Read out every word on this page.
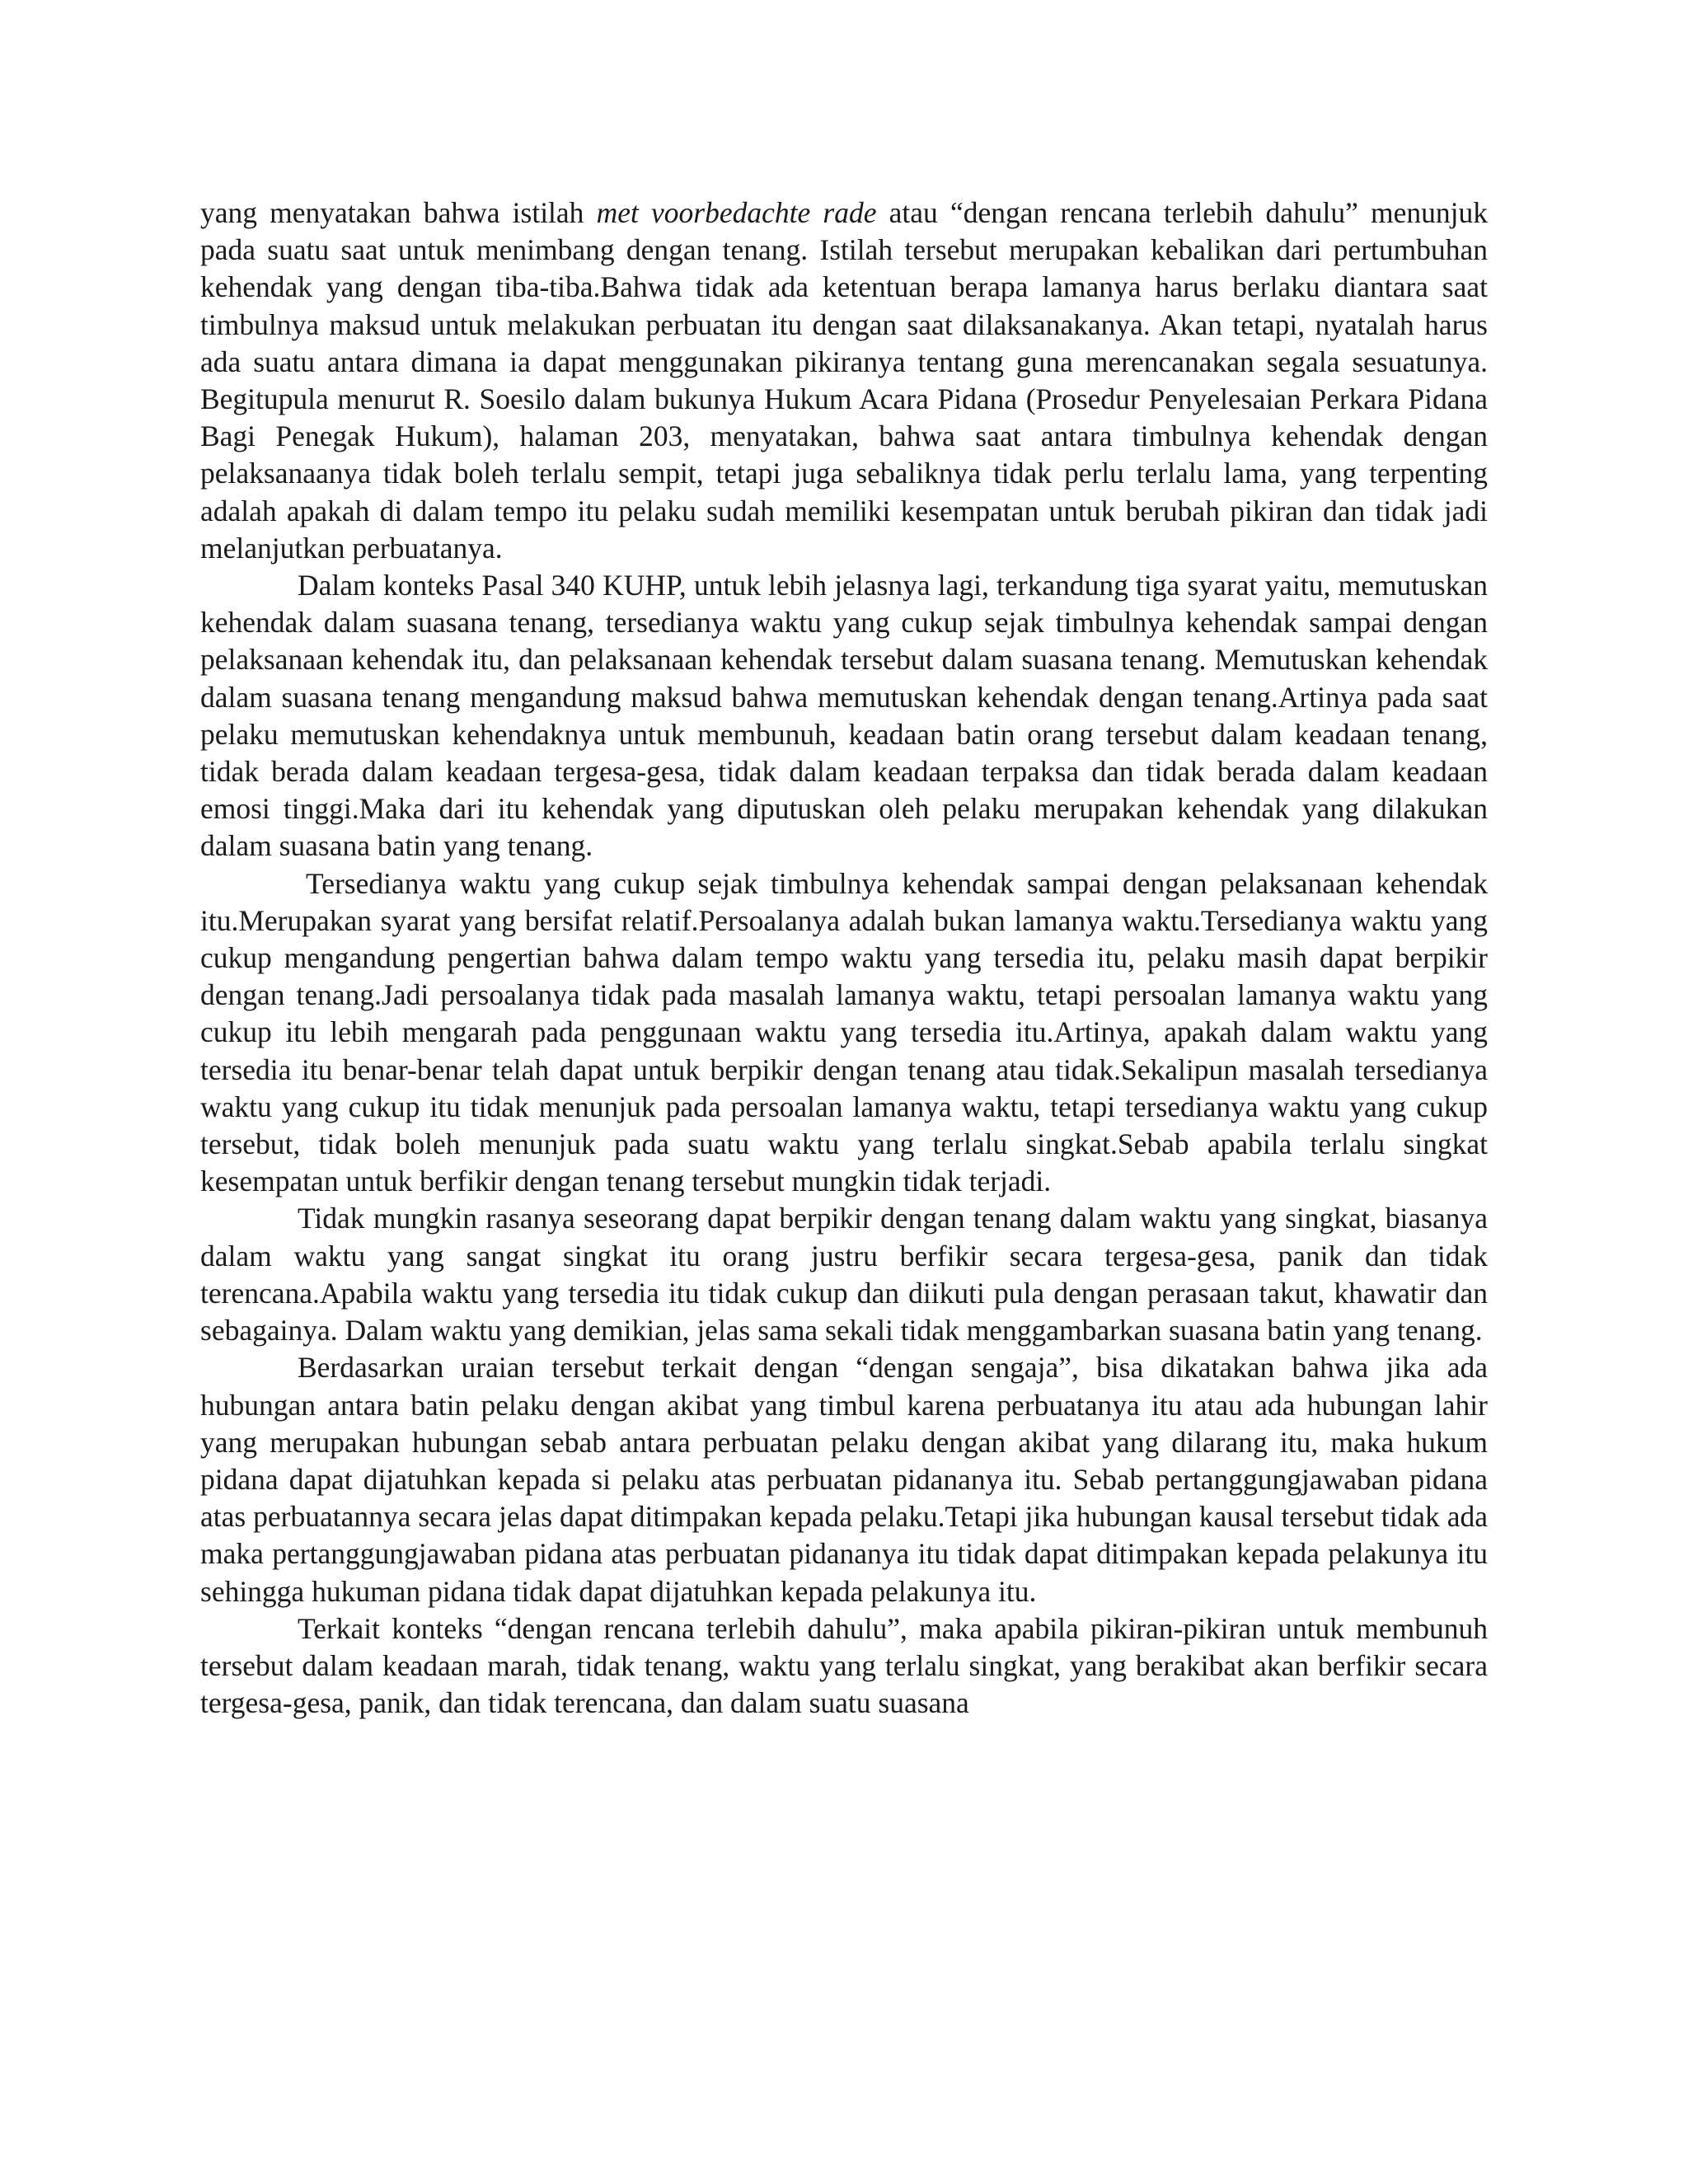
yang menyatakan bahwa istilah met voorbedachte rade atau “dengan rencana terlebih dahulu” menunjuk pada suatu saat untuk menimbang dengan tenang. Istilah tersebut merupakan kebalikan dari pertumbuhan kehendak yang dengan tiba-tiba.Bahwa tidak ada ketentuan berapa lamanya harus berlaku diantara saat timbulnya maksud untuk melakukan perbuatan itu dengan saat dilaksanakanya. Akan tetapi, nyatalah harus ada suatu antara dimana ia dapat menggunakan pikiranya tentang guna merencanakan segala sesuatunya. Begitupula menurut R. Soesilo dalam bukunya Hukum Acara Pidana (Prosedur Penyelesaian Perkara Pidana Bagi Penegak Hukum), halaman 203, menyatakan, bahwa saat antara timbulnya kehendak dengan pelaksanaanya tidak boleh terlalu sempit, tetapi juga sebaliknya tidak perlu terlalu lama, yang terpenting adalah apakah di dalam tempo itu pelaku sudah memiliki kesempatan untuk berubah pikiran dan tidak jadi melanjutkan perbuatanya.

Dalam konteks Pasal 340 KUHP, untuk lebih jelasnya lagi, terkandung tiga syarat yaitu, memutuskan kehendak dalam suasana tenang, tersedianya waktu yang cukup sejak timbulnya kehendak sampai dengan pelaksanaan kehendak itu, dan pelaksanaan kehendak tersebut dalam suasana tenang. Memutuskan kehendak dalam suasana tenang mengandung maksud bahwa memutuskan kehendak dengan tenang.Artinya pada saat pelaku memutuskan kehendaknya untuk membunuh, keadaan batin orang tersebut dalam keadaan tenang, tidak berada dalam keadaan tergesa-gesa, tidak dalam keadaan terpaksa dan tidak berada dalam keadaan emosi tinggi.Maka dari itu kehendak yang diputuskan oleh pelaku merupakan kehendak yang dilakukan dalam suasana batin yang tenang.

Tersedianya waktu yang cukup sejak timbulnya kehendak sampai dengan pelaksanaan kehendak itu.Merupakan syarat yang bersifat relatif.Persoalanya adalah bukan lamanya waktu.Tersedianya waktu yang cukup mengandung pengertian bahwa dalam tempo waktu yang tersedia itu, pelaku masih dapat berpikir dengan tenang.Jadi persoalanya tidak pada masalah lamanya waktu, tetapi persoalan lamanya waktu yang cukup itu lebih mengarah pada penggunaan waktu yang tersedia itu.Artinya, apakah dalam waktu yang tersedia itu benar-benar telah dapat untuk berpikir dengan tenang atau tidak.Sekalipun masalah tersedianya waktu yang cukup itu tidak menunjuk pada persoalan lamanya waktu, tetapi tersedianya waktu yang cukup tersebut, tidak boleh menunjuk pada suatu waktu yang terlalu singkat.Sebab apabila terlalu singkat kesempatan untuk berfikir dengan tenang tersebut mungkin tidak terjadi.

Tidak mungkin rasanya seseorang dapat berpikir dengan tenang dalam waktu yang singkat, biasanya dalam waktu yang sangat singkat itu orang justru berfikir secara tergesa-gesa, panik dan tidak terencana.Apabila waktu yang tersedia itu tidak cukup dan diikuti pula dengan perasaan takut, khawatir dan sebagainya. Dalam waktu yang demikian, jelas sama sekali tidak menggambarkan suasana batin yang tenang.

Berdasarkan uraian tersebut terkait dengan “dengan sengaja”, bisa dikatakan bahwa jika ada hubungan antara batin pelaku dengan akibat yang timbul karena perbuatanya itu atau ada hubungan lahir yang merupakan hubungan sebab antara perbuatan pelaku dengan akibat yang dilarang itu, maka hukum pidana dapat dijatuhkan kepada si pelaku atas perbuatan pidananya itu. Sebab pertanggungjawaban pidana atas perbuatannya secara jelas dapat ditimpakan kepada pelaku.Tetapi jika hubungan kausal tersebut tidak ada maka pertanggungjawaban pidana atas perbuatan pidananya itu tidak dapat ditimpakan kepada pelakunya itu sehingga hukuman pidana tidak dapat dijatuhkan kepada pelakunya itu.

Terkait konteks “dengan rencana terlebih dahulu”, maka apabila pikiran-pikiran untuk membunuh tersebut dalam keadaan marah, tidak tenang, waktu yang terlalu singkat, yang berakibat akan berfikir secara tergesa-gesa, panik, dan tidak terencana, dan dalam suatu suasana
